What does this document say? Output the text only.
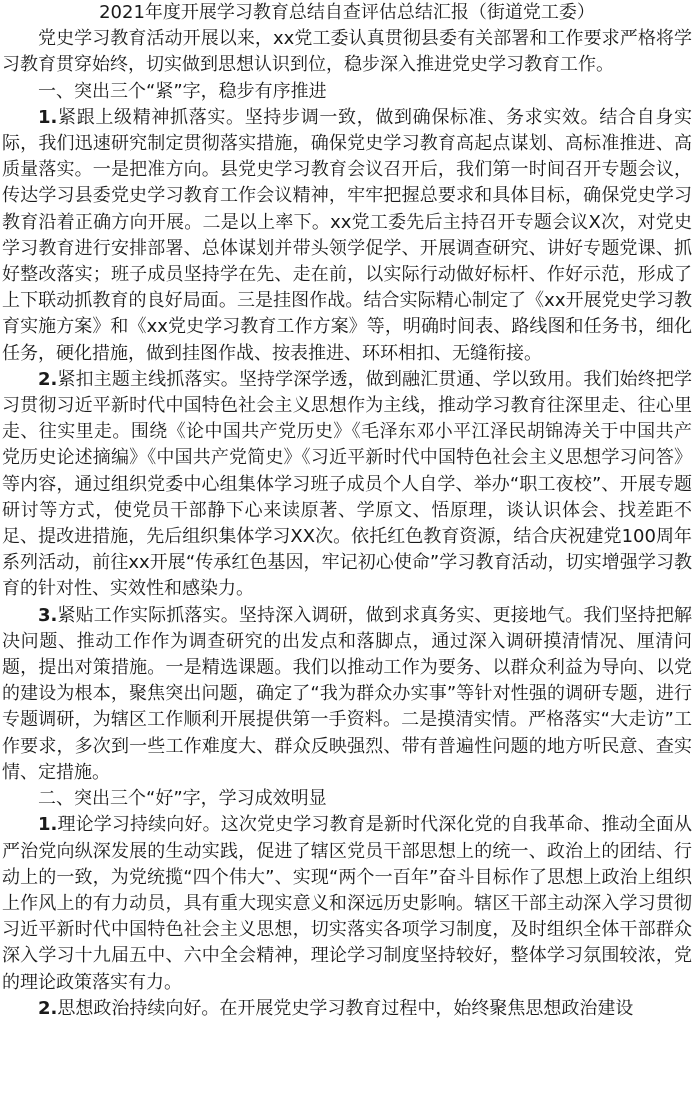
2021年度开展学习教育总结自查评估总结汇报（街道党工委）

党史学习教育活动开展以来，xx党工委认真贯彻县委有关部署和工作要求严格将学习教育贯穿始终，切实做到思想认识到位，稳步深入推进党史学习教育工作。

一、突出三个“紧”字，稳步有序推进

1.紧跟上级精神抓落实。坚持步调一致，做到确保标准、务求实效。结合自身实际，我们迅速研究制定贯彻落实措施，确保党史学习教育高起点谋划、高标准推进、高质量落实。一是把准方向。县党史学习教育会议召开后，我们第一时间召开专题会议，传达学习县委党史学习教育工作会议精神，牢牢把握总要求和具体目标，确保党史学习教育沿着正确方向开展。二是以上率下。xx党工委先后主持召开专题会议X次，对党史学习教育进行安排部署、总体谋划并带头领学促学、开展调查研究、讲好专题党课、抓好整改落实；班子成员坚持学在先、走在前，以实际行动做好标杆、作好示范，形成了上下联动抓教育的良好局面。三是挂图作战。结合实际精心制定了《xx开展党史学习教育实施方案》和《xx党史学习教育工作方案》等，明确时间表、路线图和任务书，细化任务，硬化措施，做到挂图作战、按表推进、环环相扣、无缝衔接。

2.紧扣主题主线抓落实。坚持学深学透，做到融汇贯通、学以致用。我们始终把学习贯彻习近平新时代中国特色社会主义思想作为主线，推动学习教育往深里走、往心里走、往实里走。围绕《论中国共产党历史》《毛泽东邓小平江泽民胡锦涛关于中国共产党历史论述摘编》《中国共产党简史》《习近平新时代中国特色社会主义思想学习问答》等内容，通过组织党委中心组集体学习班子成员个人自学、举办“职工夜校”、开展专题研讨等方式，使党员干部静下心来读原著、学原文、悟原理，谈认识体会、找差距不足、提改进措施，先后组织集体学习XX次。依托红色教育资源，结合庆祝建党100周年系列活动，前往xx开展“传承红色基因，牢记初心使命”学习教育活动，切实增强学习教育的针对性、实效性和感染力。

3.紧贴工作实际抓落实。坚持深入调研，做到求真务实、更接地气。我们坚持把解决问题、推动工作作为调查研究的出发点和落脚点，通过深入调研摸清情况、厘清问题，提出对策措施。一是精选课题。我们以推动工作为要务、以群众利益为导向、以党的建设为根本，聚焦突出问题，确定了“我为群众办实事”等针对性强的调研专题，进行专题调研，为辖区工作顺利开展提供第一手资料。二是摸清实情。严格落实“大走访”工作要求，多次到一些工作难度大、群众反映强烈、带有普遍性问题的地方听民意、查实情、定措施。

二、突出三个“好”字，学习成效明显

1.理论学习持续向好。这次党史学习教育是新时代深化党的自我革命、推动全面从严治党向纵深发展的生动实践，促进了辖区党员干部思想上的统一、政治上的团结、行动上的一致，为党统揽“四个伟大”、实现“两个一百年”奋斗目标作了思想上政治上组织上作风上的有力动员，具有重大现实意义和深远历史影响。辖区干部主动深入学习贯彻习近平新时代中国特色社会主义思想，切实落实各项学习制度，及时组织全体干部群众深入学习十九届五中、六中全会精神，理论学习制度坚持较好，整体学习氛围较浓，党的理论政策落实有力。

2.思想政治持续向好。在开展党史学习教育过程中，始终聚焦思想政治建设
